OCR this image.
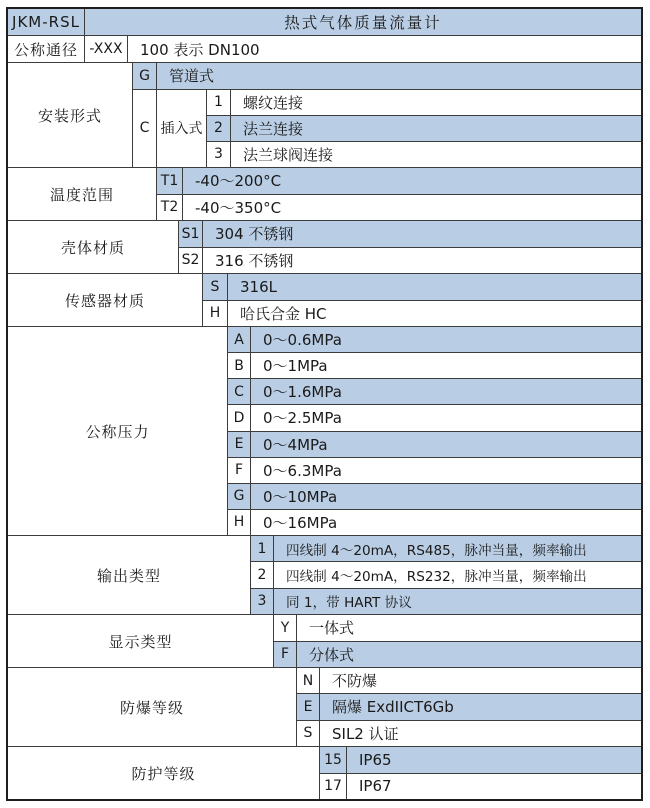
JKM-RSL	热式气体质量流量计
公称通径 -XXX	100 表示 DN100
安装形式
G	管道式
C 插入式
1	螺纹连接
2	法兰连接
3	法兰球阀连接
温度范围
T1	-40～200°C
T2	-40～350°C
壳体材质
S1	304 不锈钢
S2	316 不锈钢
传感器材质
S	316L
H	哈氏合金 HC
公称压力
A	0～0.6MPa
B	0～1MPa
C	0～1.6MPa
D	0～2.5MPa
E	0～4MPa
F	0～6.3MPa
G	0～10MPa
H	0～16MPa
输出类型
1	四线制 4～20mA，RS485，脉冲当量，频率输出
2	四线制 4～20mA，RS232，脉冲当量，频率输出
3	同 1，带 HART 协议
显示类型
Y	一体式
F	分体式
防爆等级
N	不防爆
E	隔爆 ExdIICT6Gb
S	SIL2 认证
防护等级
15	IP65
17	IP67
